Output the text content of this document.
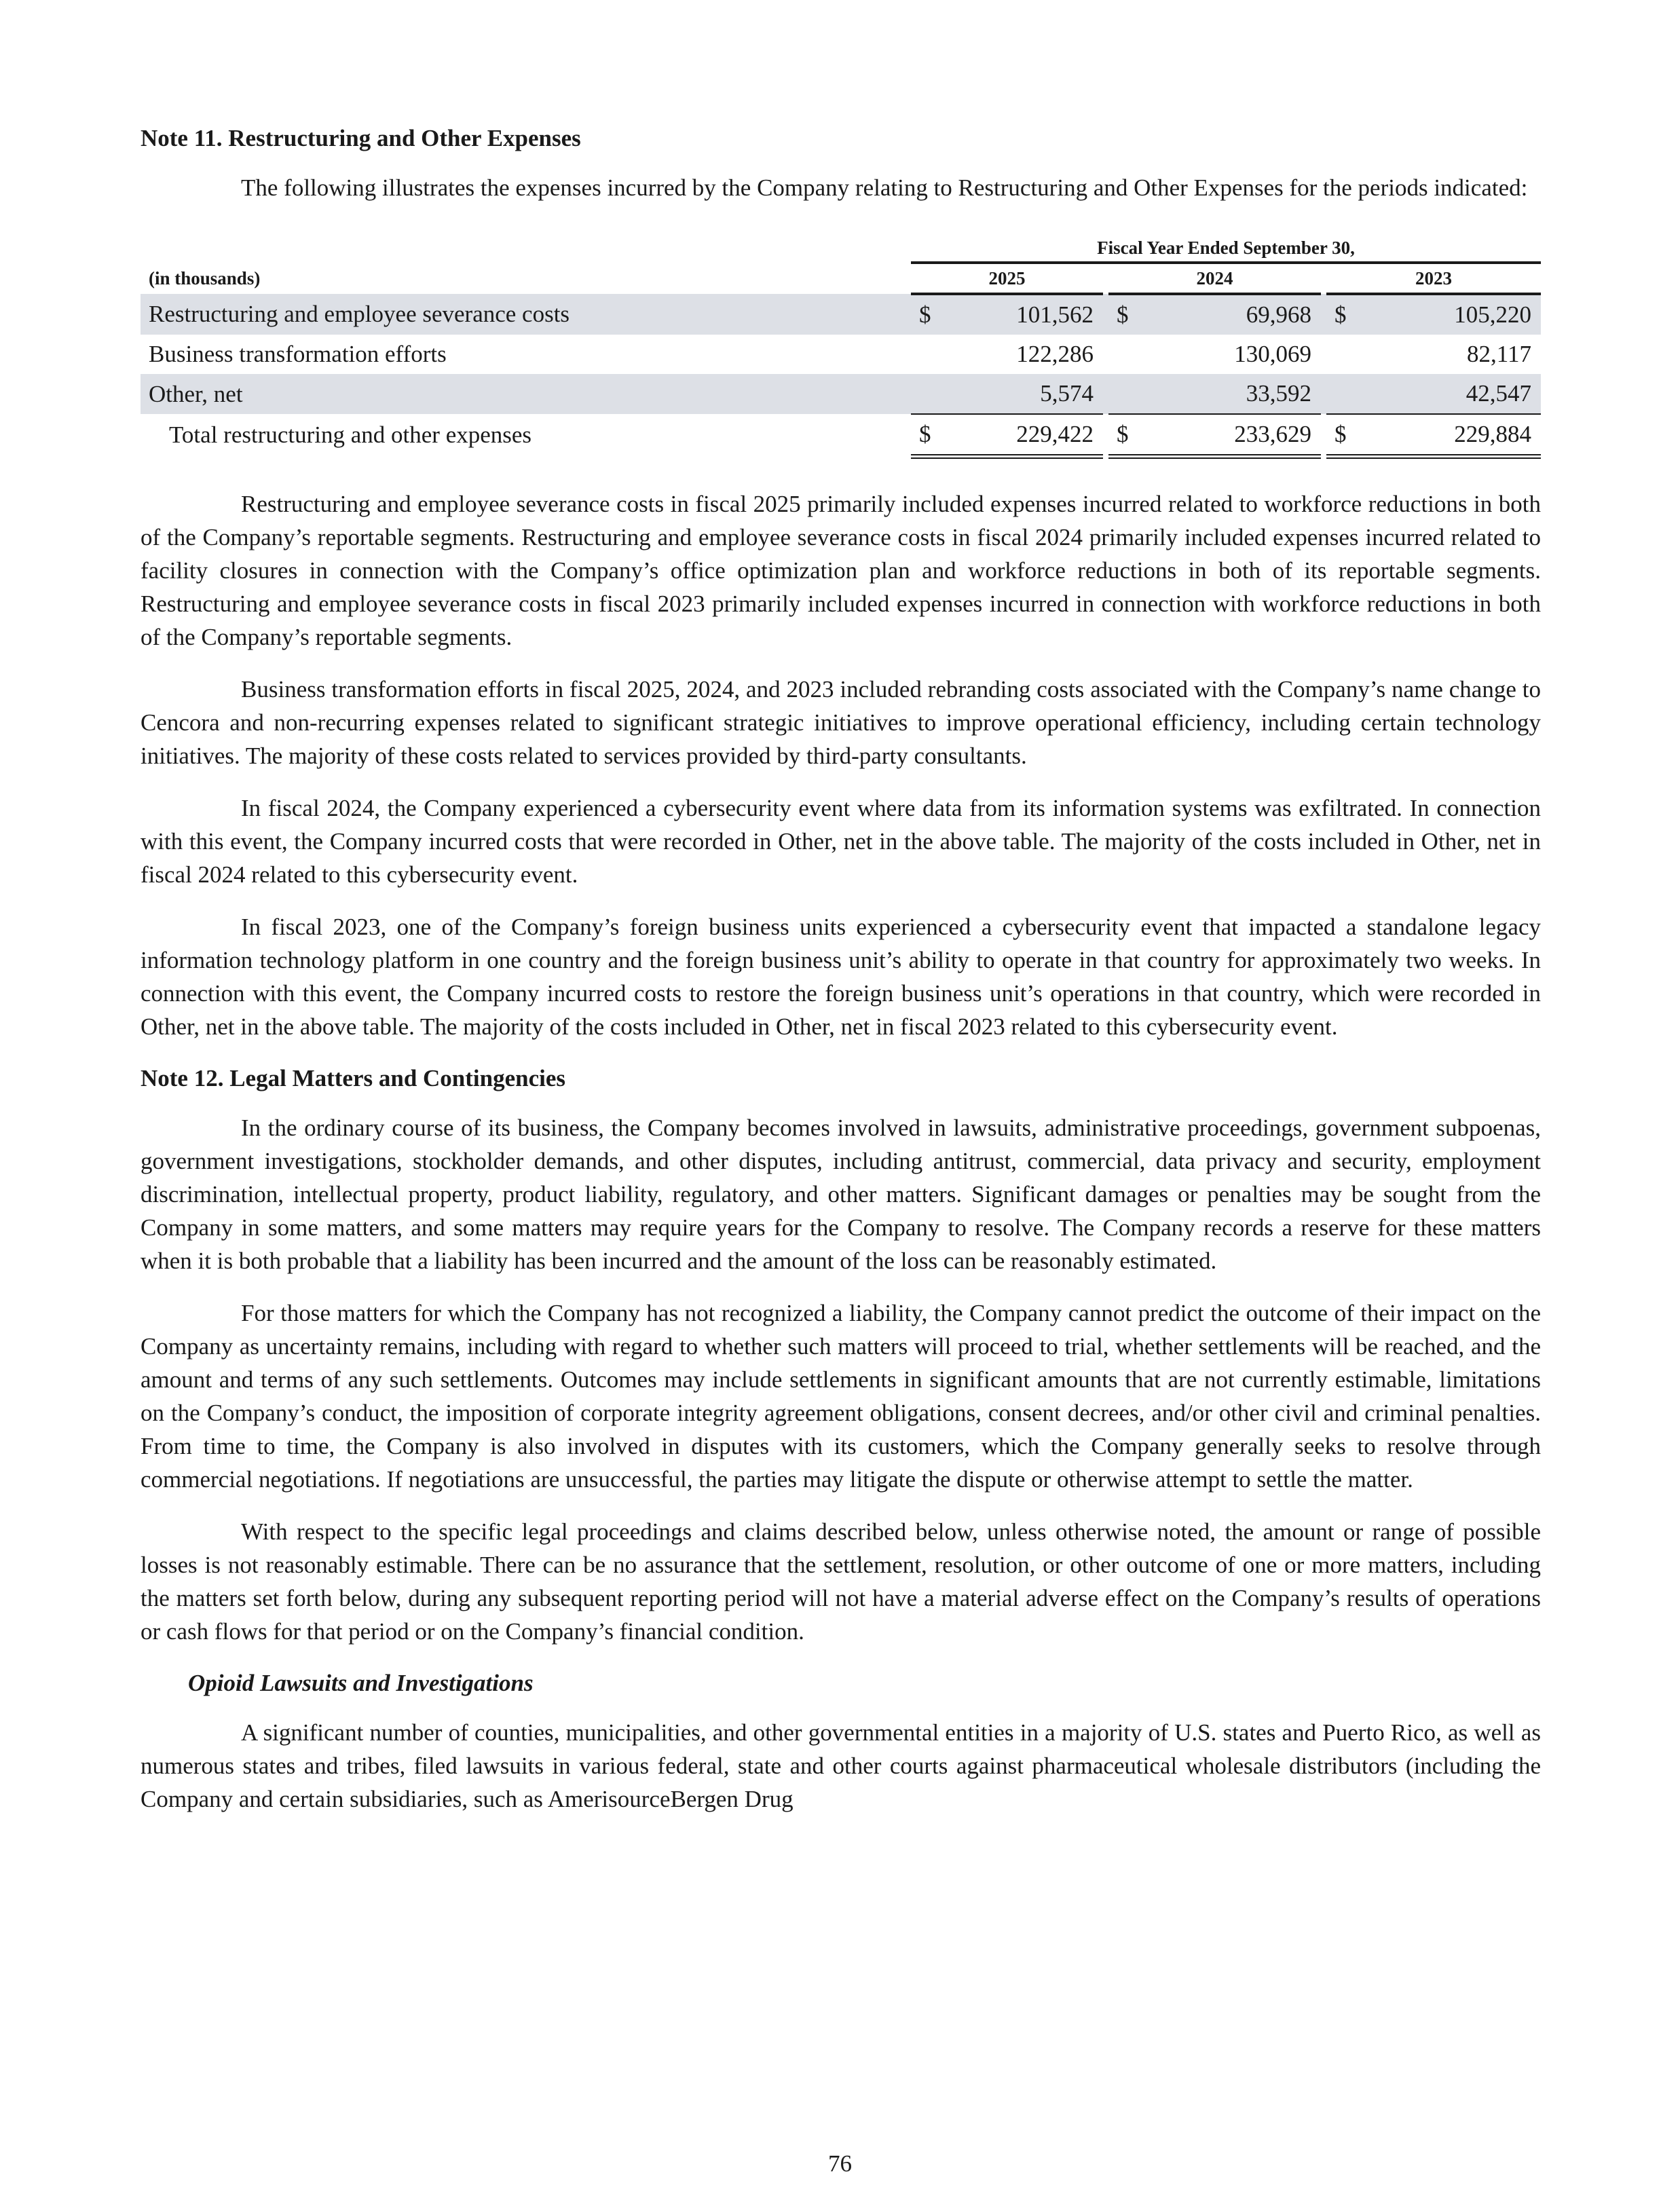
Note 11. Restructuring and Other Expenses
The following illustrates the expenses incurred by the Company relating to Restructuring and Other Expenses for the periods indicated:
		Fiscal Year Ended September 30,							
(in thousands)		2025			2024			2023	
Restructuring and employee severance costs		$	101,562		$	69,968		$	105,220
Business transformation efforts			122,286			130,069			82,117
Other, net			5,574			33,592			42,547
Total restructuring and other expenses		$	229,422		$	233,629		$	229,884
Restructuring and employee severance costs in fiscal 2025 primarily included expenses incurred related to workforce reductions in both of the Company’s reportable segments. Restructuring and employee severance costs in fiscal 2024 primarily included expenses incurred related to facility closures in connection with the Company’s office optimization plan and workforce reductions in both of its reportable segments. Restructuring and employee severance costs in fiscal 2023 primarily included expenses incurred in connection with workforce reductions in both of the Company’s reportable segments.
Business transformation efforts in fiscal 2025, 2024, and 2023 included rebranding costs associated with the Company’s name change to Cencora and non-recurring expenses related to significant strategic initiatives to improve operational efficiency, including certain technology initiatives. The majority of these costs related to services provided by third-party consultants.
In fiscal 2024, the Company experienced a cybersecurity event where data from its information systems was exfiltrated. In connection with this event, the Company incurred costs that were recorded in Other, net in the above table. The majority of the costs included in Other, net in fiscal 2024 related to this cybersecurity event.
In fiscal 2023, one of the Company’s foreign business units experienced a cybersecurity event that impacted a standalone legacy information technology platform in one country and the foreign business unit’s ability to operate in that country for approximately two weeks. In connection with this event, the Company incurred costs to restore the foreign business unit’s operations in that country, which were recorded in Other, net in the above table. The majority of the costs included in Other, net in fiscal 2023 related to this cybersecurity event.
Note 12. Legal Matters and Contingencies
In the ordinary course of its business, the Company becomes involved in lawsuits, administrative proceedings, government subpoenas, government investigations, stockholder demands, and other disputes, including antitrust, commercial, data privacy and security, employment discrimination, intellectual property, product liability, regulatory, and other matters. Significant damages or penalties may be sought from the Company in some matters, and some matters may require years for the Company to resolve. The Company records a reserve for these matters when it is both probable that a liability has been incurred and the amount of the loss can be reasonably estimated.
For those matters for which the Company has not recognized a liability, the Company cannot predict the outcome of their impact on the Company as uncertainty remains, including with regard to whether such matters will proceed to trial, whether settlements will be reached, and the amount and terms of any such settlements. Outcomes may include settlements in significant amounts that are not currently estimable, limitations on the Company’s conduct, the imposition of corporate integrity agreement obligations, consent decrees, and/or other civil and criminal penalties. From time to time, the Company is also involved in disputes with its customers, which the Company generally seeks to resolve through commercial negotiations. If negotiations are unsuccessful, the parties may litigate the dispute or otherwise attempt to settle the matter.
With respect to the specific legal proceedings and claims described below, unless otherwise noted, the amount or range of possible losses is not reasonably estimable. There can be no assurance that the settlement, resolution, or other outcome of one or more matters, including the matters set forth below, during any subsequent reporting period will not have a material adverse effect on the Company’s results of operations or cash flows for that period or on the Company’s financial condition.
Opioid Lawsuits and Investigations
A significant number of counties, municipalities, and other governmental entities in a majority of U.S. states and Puerto Rico, as well as numerous states and tribes, filed lawsuits in various federal, state and other courts against pharmaceutical wholesale distributors (including the Company and certain subsidiaries, such as AmerisourceBergen Drug
76
